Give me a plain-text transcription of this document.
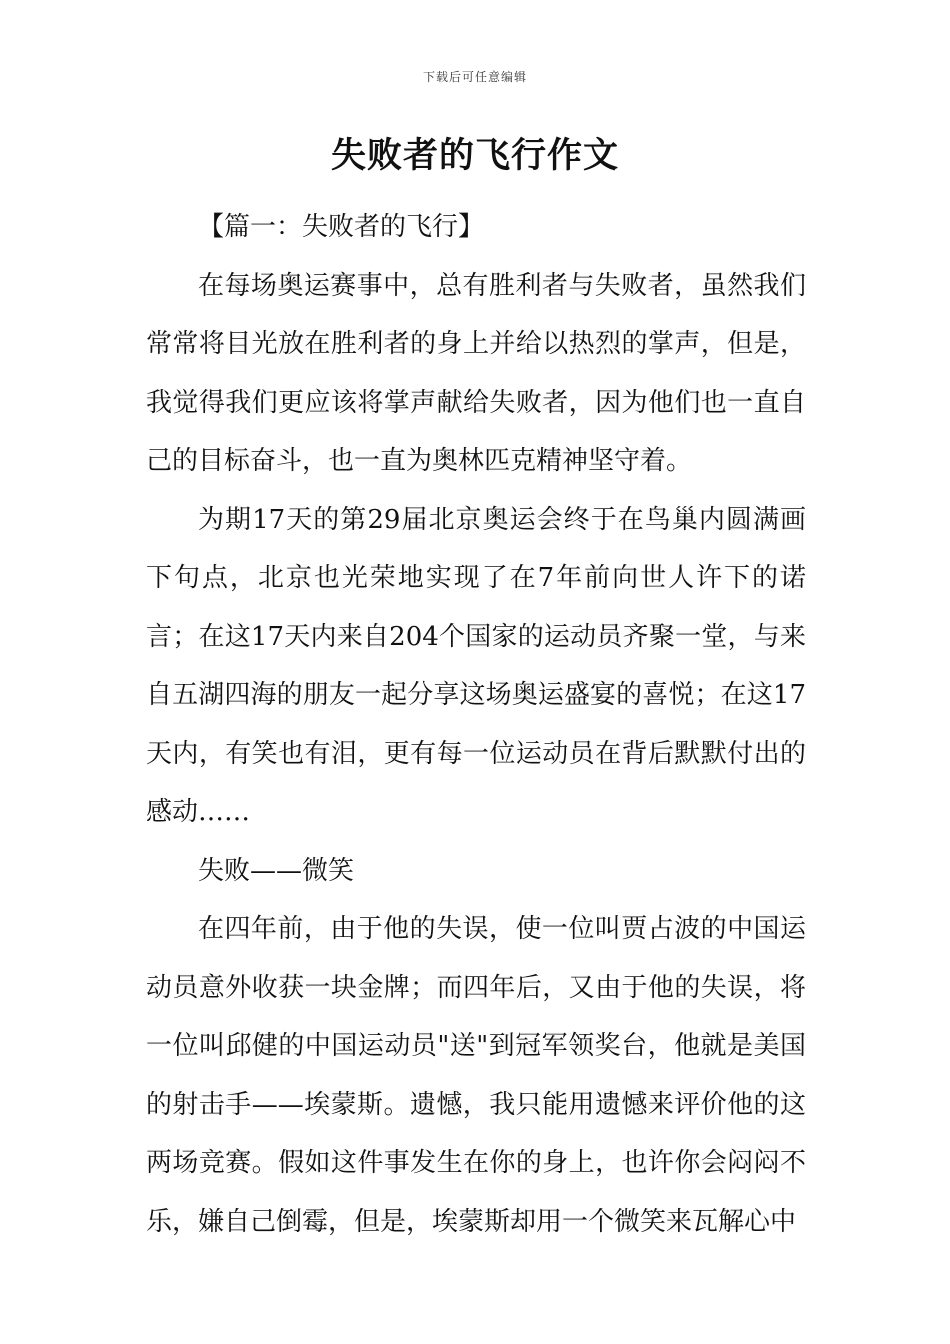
下载后可任意编辑
失败者的飞行作文

【篇一：失败者的飞行】

在每场奥运赛事中，总有胜利者与失败者，虽然我们常常将目光放在胜利者的身上并给以热烈的掌声，但是，我觉得我们更应该将掌声献给失败者，因为他们也一直自己的目标奋斗，也一直为奥林匹克精神坚守着。

为期17天的第29届北京奥运会终于在鸟巢内圆满画下句点，北京也光荣地实现了在7年前向世人许下的诺言；在这17天内来自204个国家的运动员齐聚一堂，与来自五湖四海的朋友一起分享这场奥运盛宴的喜悦；在这17天内，有笑也有泪，更有每一位运动员在背后默默付出的感动……

失败——微笑

在四年前，由于他的失误，使一位叫贾占波的中国运动员意外收获一块金牌；而四年后，又由于他的失误，将一位叫邱健的中国运动员"送"到冠军领奖台，他就是美国的射击手——埃蒙斯。遗憾，我只能用遗憾来评价他的这两场竞赛。假如这件事发生在你的身上，也许你会闷闷不乐，嫌自己倒霉，但是，埃蒙斯却用一个微笑来瓦解心中
